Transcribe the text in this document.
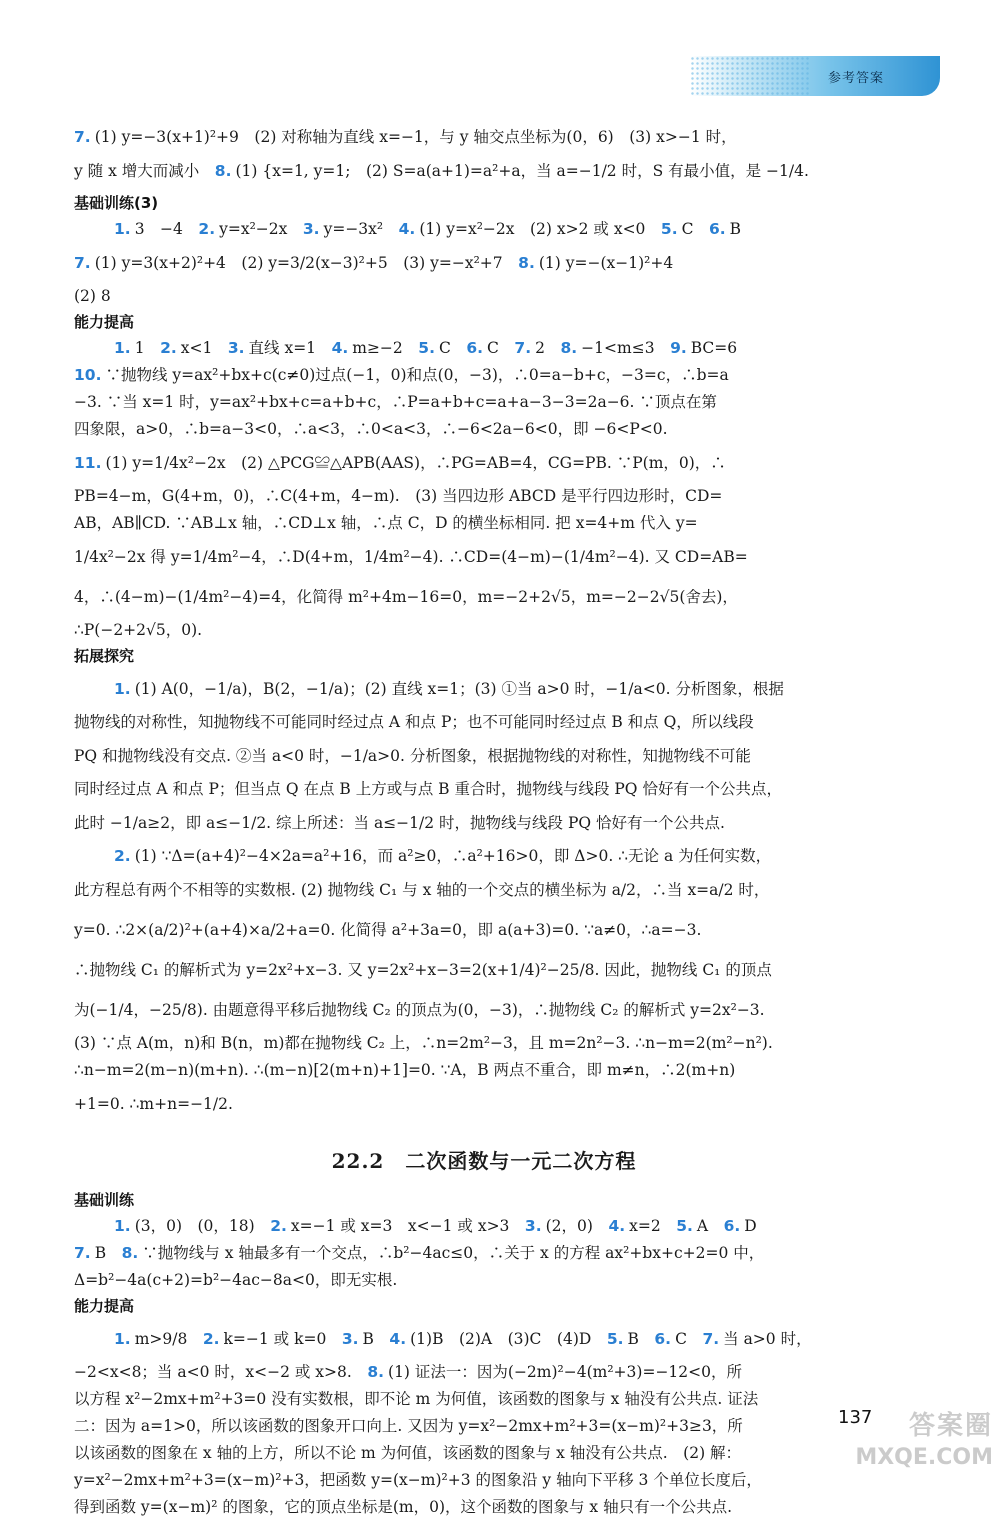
参考答案
7. (1) y=−3(x+1)²+9　(2) 对称轴为直线 x=−1，与 y 轴交点坐标为(0，6)　(3) x>−1 时，
y 随 x 增大而减小　 8. (1) {x=1, y=1;　(2) S=a(a+1)=a²+a，当 a=−1/2 时，S 有最小值，是 −1/4.
基础训练(3)
1. 3　−4　 2. y=x²−2x　 3. y=−3x²　 4. (1) y=x²−2x　(2) x>2 或 x<0　 5. C　 6. B
7. (1) y=3(x+2)²+4　(2) y=3/2(x−3)²+5　(3) y=−x²+7　 8. (1) y=−(x−1)²+4
(2) 8
能力提高
1. 1　 2. x<1　 3. 直线 x=1　 4. m≥−2　 5. C　 6. C　 7. 2　 8. −1<m≤3　 9. BC=6
10. ∵抛物线 y=ax²+bx+c(c≠0)过点(−1，0)和点(0，−3)，∴0=a−b+c，−3=c，∴b=a
−3. ∵当 x=1 时，y=ax²+bx+c=a+b+c，∴P=a+b+c=a+a−3−3=2a−6. ∵顶点在第
四象限，a>0，∴b=a−3<0，∴a<3，∴0<a<3，∴−6<2a−6<0，即 −6<P<0.
11. (1) y=1/4x²−2x　(2) △PCG≌△APB(AAS)，∴PG=AB=4，CG=PB. ∵P(m，0)，∴
PB=4−m，G(4+m，0)，∴C(4+m，4−m).　(3) 当四边形 ABCD 是平行四边形时，CD=
AB，AB∥CD. ∵AB⊥x 轴，∴CD⊥x 轴，∴点 C，D 的横坐标相同. 把 x=4+m 代入 y=
1/4x²−2x 得 y=1/4m²−4，∴D(4+m，1/4m²−4). ∴CD=(4−m)−(1/4m²−4). 又 CD=AB=
4，∴(4−m)−(1/4m²−4)=4，化简得 m²+4m−16=0，m=−2+2√5，m=−2−2√5(舍去)，
∴P(−2+2√5，0).
拓展探究
1. (1) A(0，−1/a)，B(2，−1/a)；(2) 直线 x=1；(3) ①当 a>0 时，−1/a<0. 分析图象，根据
抛物线的对称性，知抛物线不可能同时经过点 A 和点 P；也不可能同时经过点 B 和点 Q，所以线段
PQ 和抛物线没有交点. ②当 a<0 时，−1/a>0. 分析图象，根据抛物线的对称性，知抛物线不可能
同时经过点 A 和点 P；但当点 Q 在点 B 上方或与点 B 重合时，抛物线与线段 PQ 恰好有一个公共点，
此时 −1/a≥2，即 a≤−1/2. 综上所述：当 a≤−1/2 时，抛物线与线段 PQ 恰好有一个公共点.
2. (1) ∵Δ=(a+4)²−4×2a=a²+16，而 a²≥0，∴a²+16>0，即 Δ>0. ∴无论 a 为任何实数，
此方程总有两个不相等的实数根. (2) 抛物线 C₁ 与 x 轴的一个交点的横坐标为 a/2，∴当 x=a/2 时，
y=0. ∴2×(a/2)²+(a+4)×a/2+a=0. 化简得 a²+3a=0，即 a(a+3)=0. ∵a≠0，∴a=−3.
∴抛物线 C₁ 的解析式为 y=2x²+x−3. 又 y=2x²+x−3=2(x+1/4)²−25/8. 因此，抛物线 C₁ 的顶点
为(−1/4，−25/8). 由题意得平移后抛物线 C₂ 的顶点为(0，−3)，∴抛物线 C₂ 的解析式 y=2x²−3.
(3) ∵点 A(m，n)和 B(n，m)都在抛物线 C₂ 上，∴n=2m²−3，且 m=2n²−3. ∴n−m=2(m²−n²).
∴n−m=2(m−n)(m+n). ∴(m−n)[2(m+n)+1]=0. ∵A，B 两点不重合，即 m≠n，∴2(m+n)
+1=0. ∴m+n=−1/2.
22.2　二次函数与一元二次方程
基础训练
1. (3，0)　(0，18)　 2. x=−1 或 x=3　x<−1 或 x>3　 3. (2，0)　 4. x=2　 5. A　 6. D
7. B　 8. ∵抛物线与 x 轴最多有一个交点，∴b²−4ac≤0，∴关于 x 的方程 ax²+bx+c+2=0 中，
Δ=b²−4a(c+2)=b²−4ac−8a<0，即无实根.
能力提高
1. m>9/8　 2. k=−1 或 k=0　 3. B　 4. (1)B　(2)A　(3)C　(4)D　 5. B　 6. C　 7. 当 a>0 时，
−2<x<8；当 a<0 时，x<−2 或 x>8.　 8. (1) 证法一：因为(−2m)²−4(m²+3)=−12<0，所
以方程 x²−2mx+m²+3=0 没有实数根，即不论 m 为何值，该函数的图象与 x 轴没有公共点. 证法
二：因为 a=1>0，所以该函数的图象开口向上. 又因为 y=x²−2mx+m²+3=(x−m)²+3≥3，所
以该函数的图象在 x 轴的上方，所以不论 m 为何值，该函数的图象与 x 轴没有公共点.　(2) 解：
y=x²−2mx+m²+3=(x−m)²+3，把函数 y=(x−m)²+3 的图象沿 y 轴向下平移 3 个单位长度后，
得到函数 y=(x−m)² 的图象，它的顶点坐标是(m，0)，这个函数的图象与 x 轴只有一个公共点.
137	答案圈
MXQE.COM
